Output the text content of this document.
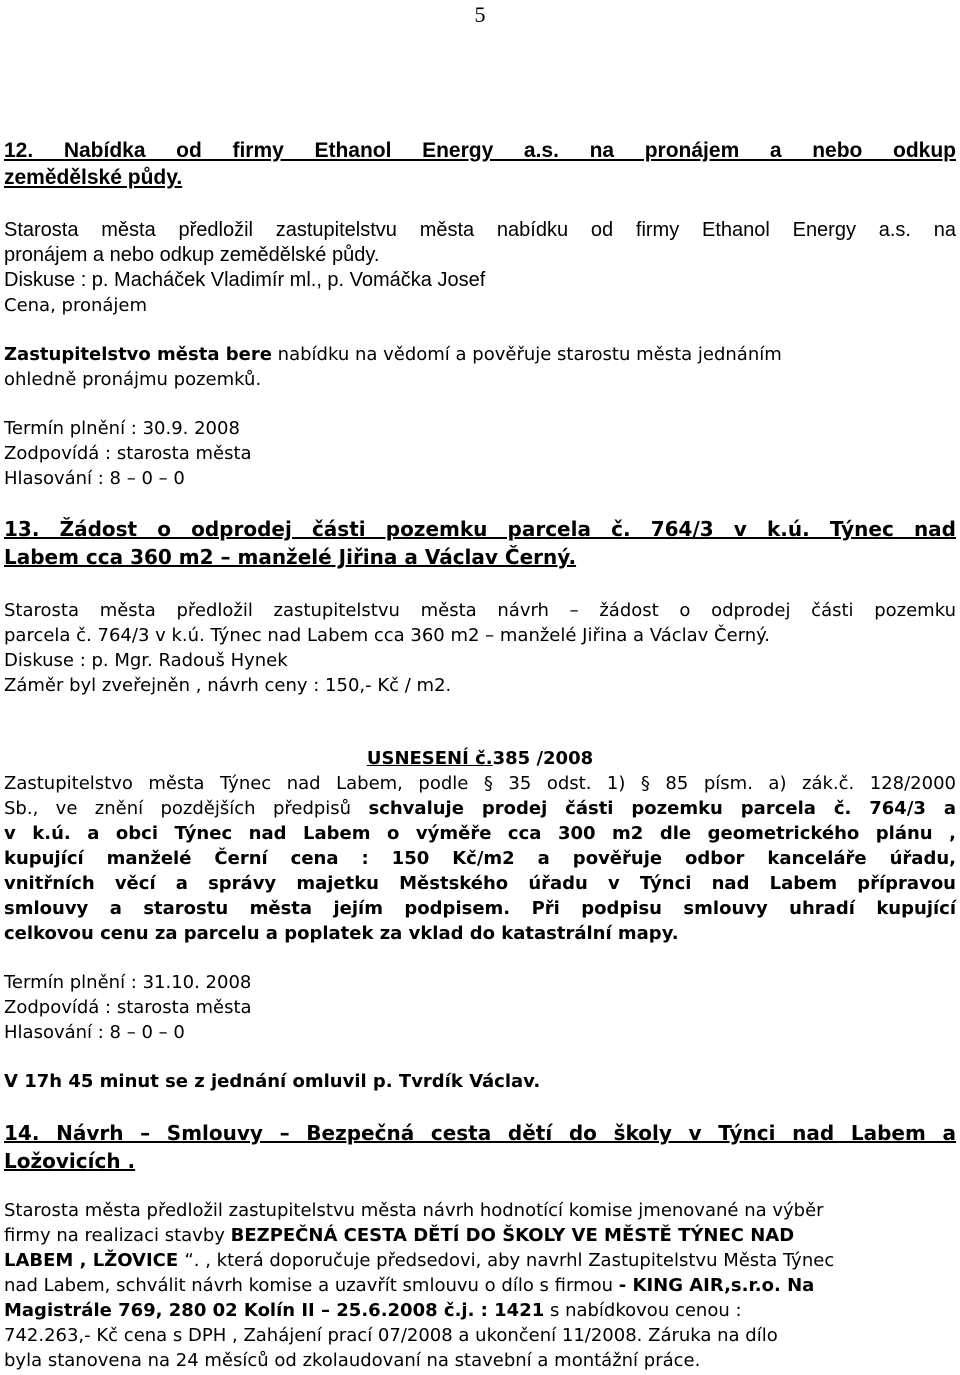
5
12. Nabídka od firmy Ethanol Energy a.s. na pronájem a nebo odkup
zemědělské půdy.
Starosta města předložil zastupitelstvu města nabídku od firmy Ethanol Energy a.s. na
pronájem a nebo odkup zemědělské půdy.
Diskuse : p. Macháček Vladimír ml., p. Vomáčka Josef
Cena, pronájem
Zastupitelstvo města bere nabídku na vědomí a pověřuje starostu města jednáním
ohledně pronájmu pozemků.
Termín plnění : 30.9. 2008
Zodpovídá : starosta města
Hlasování : 8 – 0 – 0
13. Žádost o odprodej části pozemku parcela č. 764/3 v k.ú. Týnec nad
Labem cca 360 m2 – manželé Jiřina a Václav Černý.
Starosta města předložil zastupitelstvu města návrh – žádost o odprodej části pozemku
parcela č. 764/3 v k.ú. Týnec nad Labem cca 360 m2 – manželé Jiřina a Václav Černý.
Diskuse : p. Mgr. Radouš Hynek
Záměr byl zveřejněn , návrh ceny : 150,- Kč / m2.
USNESENÍ č.385 /2008
Zastupitelstvo města Týnec nad Labem, podle § 35 odst. 1) § 85 písm. a) zák.č. 128/2000
Sb., ve znění pozdějších předpisů schvaluje prodej části pozemku parcela č. 764/3 a
v k.ú. a obci Týnec nad Labem o výměře cca 300 m2 dle geometrického plánu ,
kupující manželé Černí cena : 150 Kč/m2 a pověřuje odbor kanceláře úřadu,
vnitřních věcí a správy majetku Městského úřadu v Týnci nad Labem přípravou
smlouvy a starostu města jejím podpisem. Při podpisu smlouvy uhradí kupující
celkovou cenu za parcelu a poplatek za vklad do katastrální mapy.
Termín plnění : 31.10. 2008
Zodpovídá : starosta města
Hlasování : 8 – 0 – 0
V 17h 45 minut se z jednání omluvil p. Tvrdík Václav.
14. Návrh – Smlouvy – Bezpečná cesta dětí do školy v Týnci nad Labem a
Ložovicích .
Starosta města předložil zastupitelstvu města návrh hodnotící komise jmenované na výběr
firmy na realizaci stavby BEZPEČNÁ CESTA DĚTÍ DO ŠKOLY VE MĚSTĚ TÝNEC NAD
LABEM , LŽOVICE “. , která doporučuje předsedovi, aby navrhl Zastupitelstvu Města Týnec
nad Labem, schválit návrh komise a uzavřít smlouvu o dílo s firmou - KING AIR,s.r.o. Na
Magistrále 769, 280 02 Kolín II – 25.6.2008 č.j. : 1421 s nabídkovou cenou :
742.263,- Kč cena s DPH , Zahájení prací 07/2008 a ukončení 11/2008. Záruka na dílo
byla stanovena na 24 měsíců od zkolaudovaní na stavební a montážní práce.
